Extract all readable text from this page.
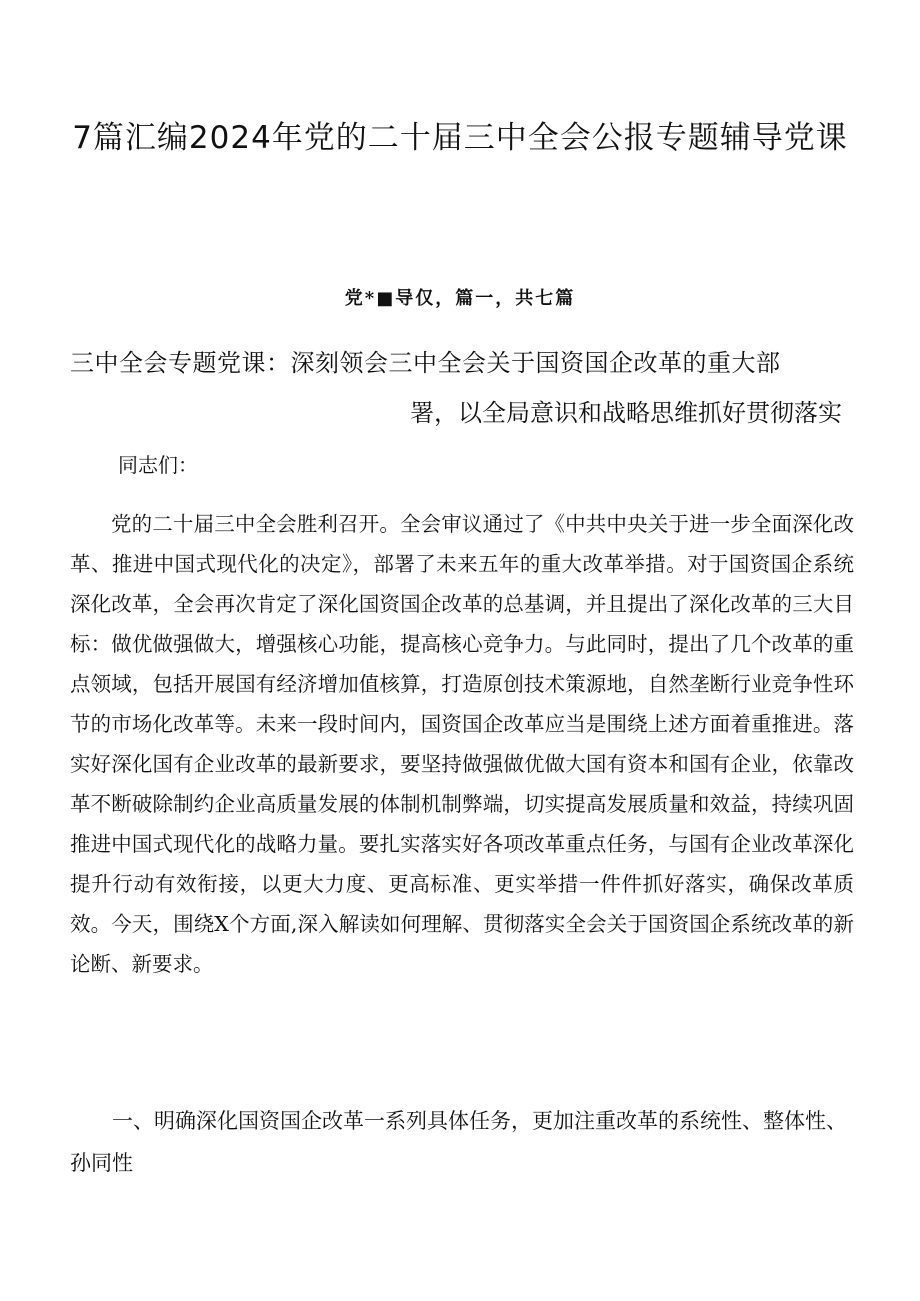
7篇汇编2024年党的二十届三中全会公报专题辅导党课
党*■导仅，篇一，共七篇
三中全会专题党课：深刻领会三中全会关于国资国企改革的重大部
署，以全局意识和战略思维抓好贯彻落实
同志们：

党的二十届三中全会胜利召开。全会审议通过了《中共中央关于进一步全面深化改革、推进中国式现代化的决定》，部署了未来五年的重大改革举措。对于国资国企系统深化改革，全会再次肯定了深化国资国企改革的总基调，并且提出了深化改革的三大目标：做优做强做大，增强核心功能，提高核心竞争力。与此同时，提出了几个改革的重点领域，包括开展国有经济增加值核算，打造原创技术策源地，自然垄断行业竞争性环节的市场化改革等。未来一段时间内，国资国企改革应当是围绕上述方面着重推进。落实好深化国有企业改革的最新要求，要坚持做强做优做大国有资本和国有企业，依靠改革不断破除制约企业高质量发展的体制机制弊端，切实提高发展质量和效益，持续巩固推进中国式现代化的战略力量。要扎实落实好各项改革重点任务，与国有企业改革深化提升行动有效衔接，以更大力度、更高标准、更实举措一件件抓好落实，确保改革质效。今天，围绕X个方面,深入解读如何理解、贯彻落实全会关于国资国企系统改革的新论断、新要求。

一、明确深化国资国企改革一系列具体任务，更加注重改革的系统性、整体性、孙同性
